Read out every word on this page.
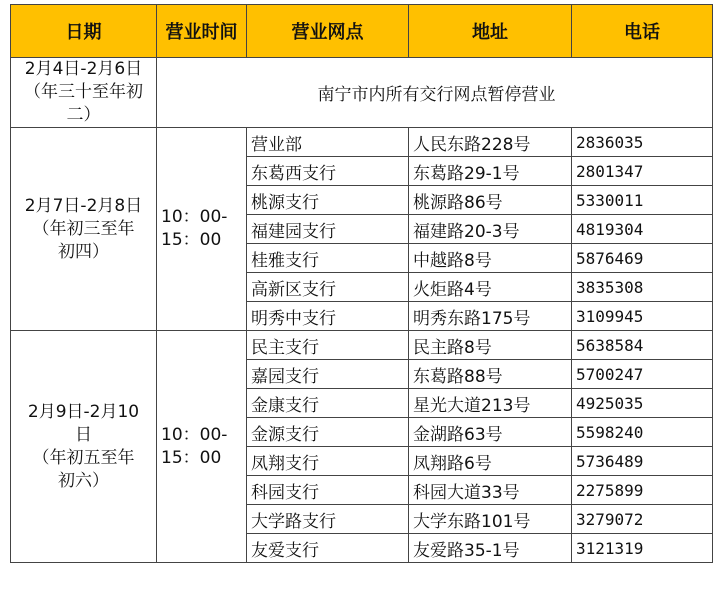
日期	营业时间	营业网点	地址	电话

2月4日-2月6日
（年三十至年初二）	南宁市内所有交行网点暂停营业			

2月7日-2月8日
（年初三至年
初四）	10：00-
15：00	营业部	人民东路228号	2836035
		东葛西支行	东葛路29-1号	2801347
		桃源支行	桃源路86号	5330011
		福建园支行	福建路20-3号	4819304
		桂雅支行	中越路8号	5876469
		高新区支行	火炬路4号	3835308
		明秀中支行	明秀东路175号	3109945

2月9日-2月10
日
（年初五至年
初六）	10：00-
15：00	民主支行	民主路8号	5638584
		嘉园支行	东葛路88号	5700247
		金康支行	星光大道213号	4925035
		金源支行	金湖路63号	5598240
		凤翔支行	凤翔路6号	5736489
		科园支行	科园大道33号	2275899
		大学路支行	大学东路101号	3279072
		友爱支行	友爱路35-1号	3121319
